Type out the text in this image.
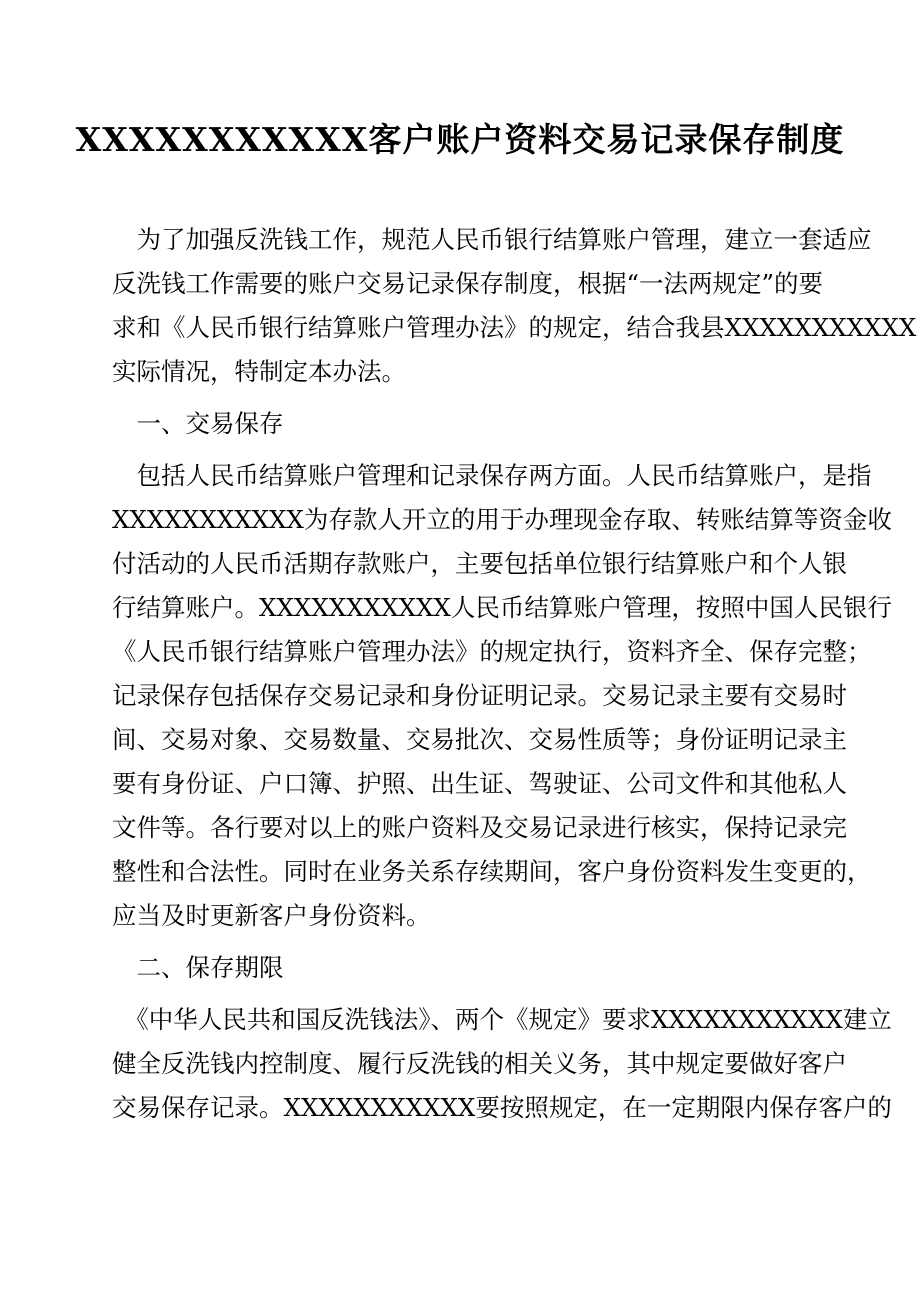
XXXXXXXXXXX客户账户资料交易记录保存制度
　为了加强反洗钱工作，规范人民币银行结算账户管理，建立一套适应
反洗钱工作需要的账户交易记录保存制度，根据“一法两规定”的要
求和《人民币银行结算账户管理办法》的规定，结合我县XXXXXXXXXXX
实际情况，特制定本办法。
　一、交易保存
　包括人民币结算账户管理和记录保存两方面。人民币结算账户，是指
XXXXXXXXXXX为存款人开立的用于办理现金存取、转账结算等资金收
付活动的人民币活期存款账户，主要包括单位银行结算账户和个人银
行结算账户。XXXXXXXXXXX人民币结算账户管理，按照中国人民银行
《人民币银行结算账户管理办法》的规定执行，资料齐全、保存完整；
记录保存包括保存交易记录和身份证明记录。交易记录主要有交易时
间、交易对象、交易数量、交易批次、交易性质等；身份证明记录主
要有身份证、户口簿、护照、出生证、驾驶证、公司文件和其他私人
文件等。各行要对以上的账户资料及交易记录进行核实，保持记录完
整性和合法性。同时在业务关系存续期间，客户身份资料发生变更的，
应当及时更新客户身份资料。
　二、保存期限
　《中华人民共和国反洗钱法》、两个《规定》要求XXXXXXXXXXX建立
健全反洗钱内控制度、履行反洗钱的相关义务，其中规定要做好客户
交易保存记录。XXXXXXXXXXX要按照规定，在一定期限内保存客户的
